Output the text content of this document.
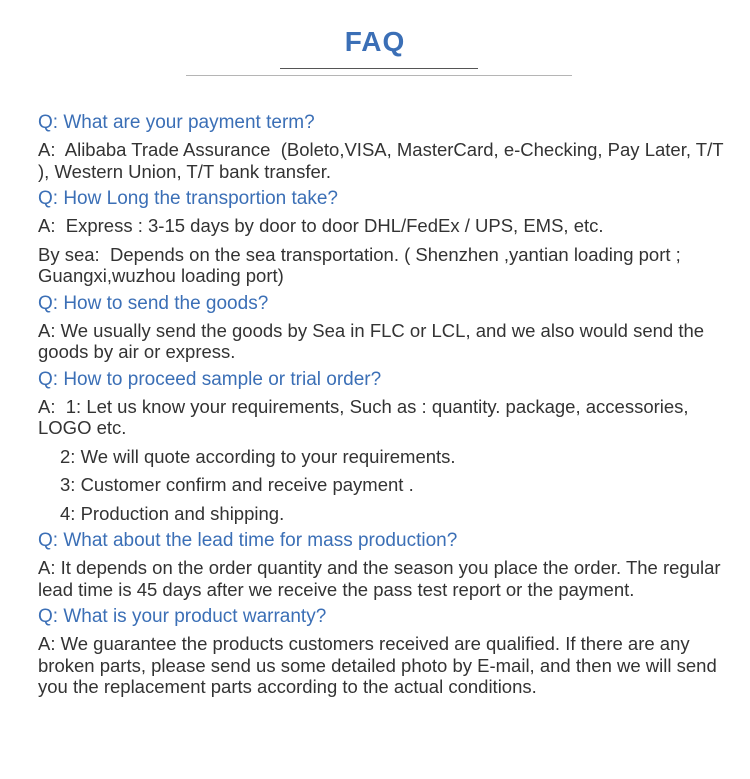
FAQ
Q: What are your payment term?
A:  Alibaba Trade Assurance  (Boleto,VISA, MasterCard, e-Checking, Pay Later, T/T ), Western Union, T/T bank transfer.
Q: How Long the transportion take?
A:  Express : 3-15 days by door to door DHL/FedEx / UPS, EMS, etc.
By sea:  Depends on the sea transportation. ( Shenzhen ,yantian loading port ; Guangxi,wuzhou loading port)
Q: How to send the goods?
A: We usually send the goods by Sea in FLC or LCL, and we also would send the goods by air or express.
Q: How to proceed sample or trial order?
A:  1: Let us know your requirements, Such as : quantity. package, accessories, LOGO etc.
2: We will quote according to your requirements.
3: Customer confirm and receive payment .
4: Production and shipping.
Q: What about the lead time for mass production?
A: It depends on the order quantity and the season you place the order. The regular lead time is 45 days after we receive the pass test report or the payment.
Q: What is your product warranty?
A: We guarantee the products customers received are qualified. If there are any broken parts, please send us some detailed photo by E-mail, and then we will send you the replacement parts according to the actual conditions.
